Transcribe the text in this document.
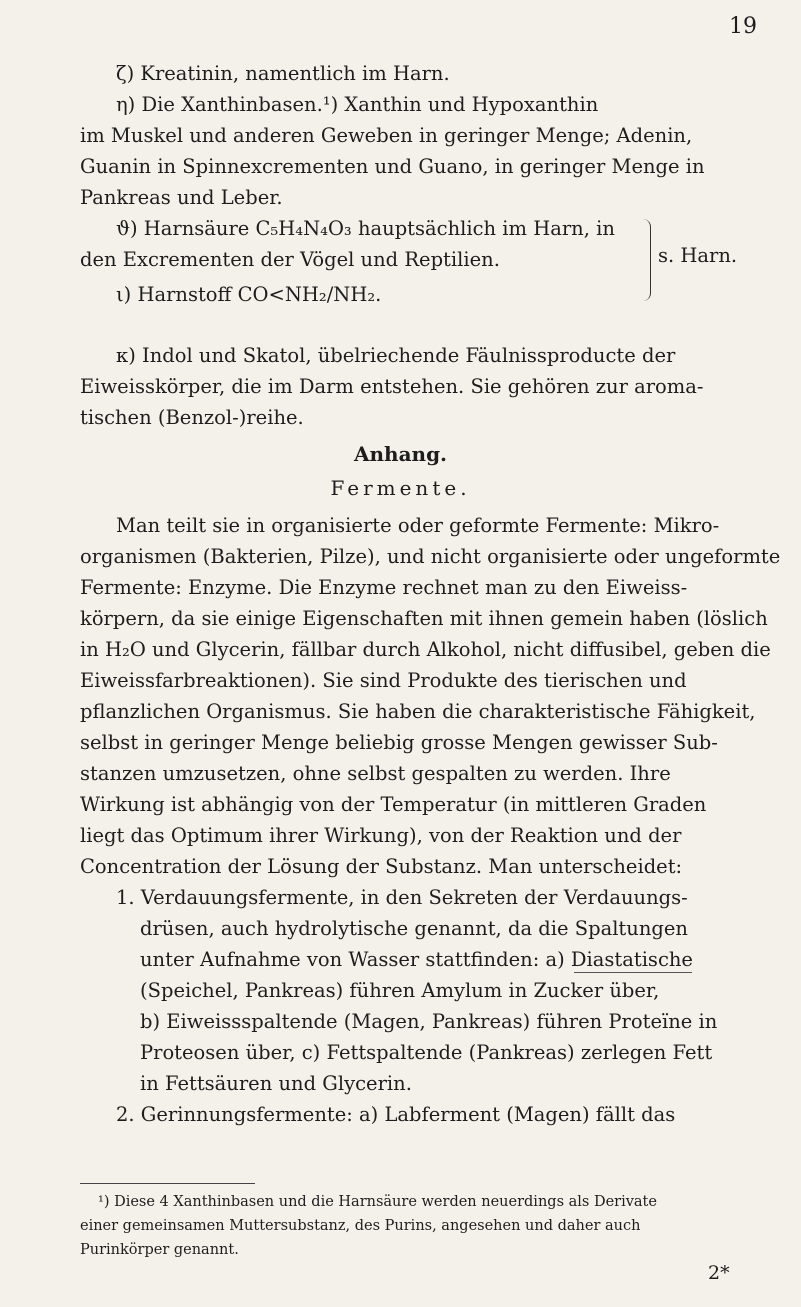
19
ζ) Kreatinin, namentlich im Harn.
η) Die Xanthinbasen.¹) Xanthin und Hypoxanthin
im Muskel und anderen Geweben in geringer Menge; Adenin,
Guanin in Spinnexcrementen und Guano, in geringer Menge in
Pankreas und Leber.
ϑ) Harnsäure C₅H₄N₄O₃ hauptsächlich im Harn, in
den Excrementen der Vögel und Reptilien.
ι) Harnstoff CO<NH₂/NH₂.
s. Harn.
κ) Indol und Skatol, übelriechende Fäulnissproducte der
Eiweisskörper, die im Darm entstehen. Sie gehören zur aroma-
tischen (Benzol-)reihe.
Anhang.
Fermente.
Man teilt sie in organisierte oder geformte Fermente: Mikro-
organismen (Bakterien, Pilze), und nicht organisierte oder ungeformte
Fermente: Enzyme. Die Enzyme rechnet man zu den Eiweiss-
körpern, da sie einige Eigenschaften mit ihnen gemein haben (löslich
in H₂O und Glycerin, fällbar durch Alkohol, nicht diffusibel, geben die
Eiweissfarbreaktionen). Sie sind Produkte des tierischen und
pflanzlichen Organismus. Sie haben die charakteristische Fähigkeit,
selbst in geringer Menge beliebig grosse Mengen gewisser Sub-
stanzen umzusetzen, ohne selbst gespalten zu werden. Ihre
Wirkung ist abhängig von der Temperatur (in mittleren Graden
liegt das Optimum ihrer Wirkung), von der Reaktion und der
Concentration der Lösung der Substanz. Man unterscheidet:
1. Verdauungsfermente, in den Sekreten der Verdauungs-
drüsen, auch hydrolytische genannt, da die Spaltungen
unter Aufnahme von Wasser stattfinden: a) Diastatische
(Speichel, Pankreas) führen Amylum in Zucker über,
b) Eiweissspaltende (Magen, Pankreas) führen Proteïne in
Proteosen über, c) Fettspaltende (Pankreas) zerlegen Fett
in Fettsäuren und Glycerin.
2. Gerinnungsfermente: a) Labferment (Magen) fällt das
¹) Diese 4 Xanthinbasen und die Harnsäure werden neuerdings als Derivate
einer gemeinsamen Muttersubstanz, des Purins, angesehen und daher auch
Purinkörper genannt.
2*
